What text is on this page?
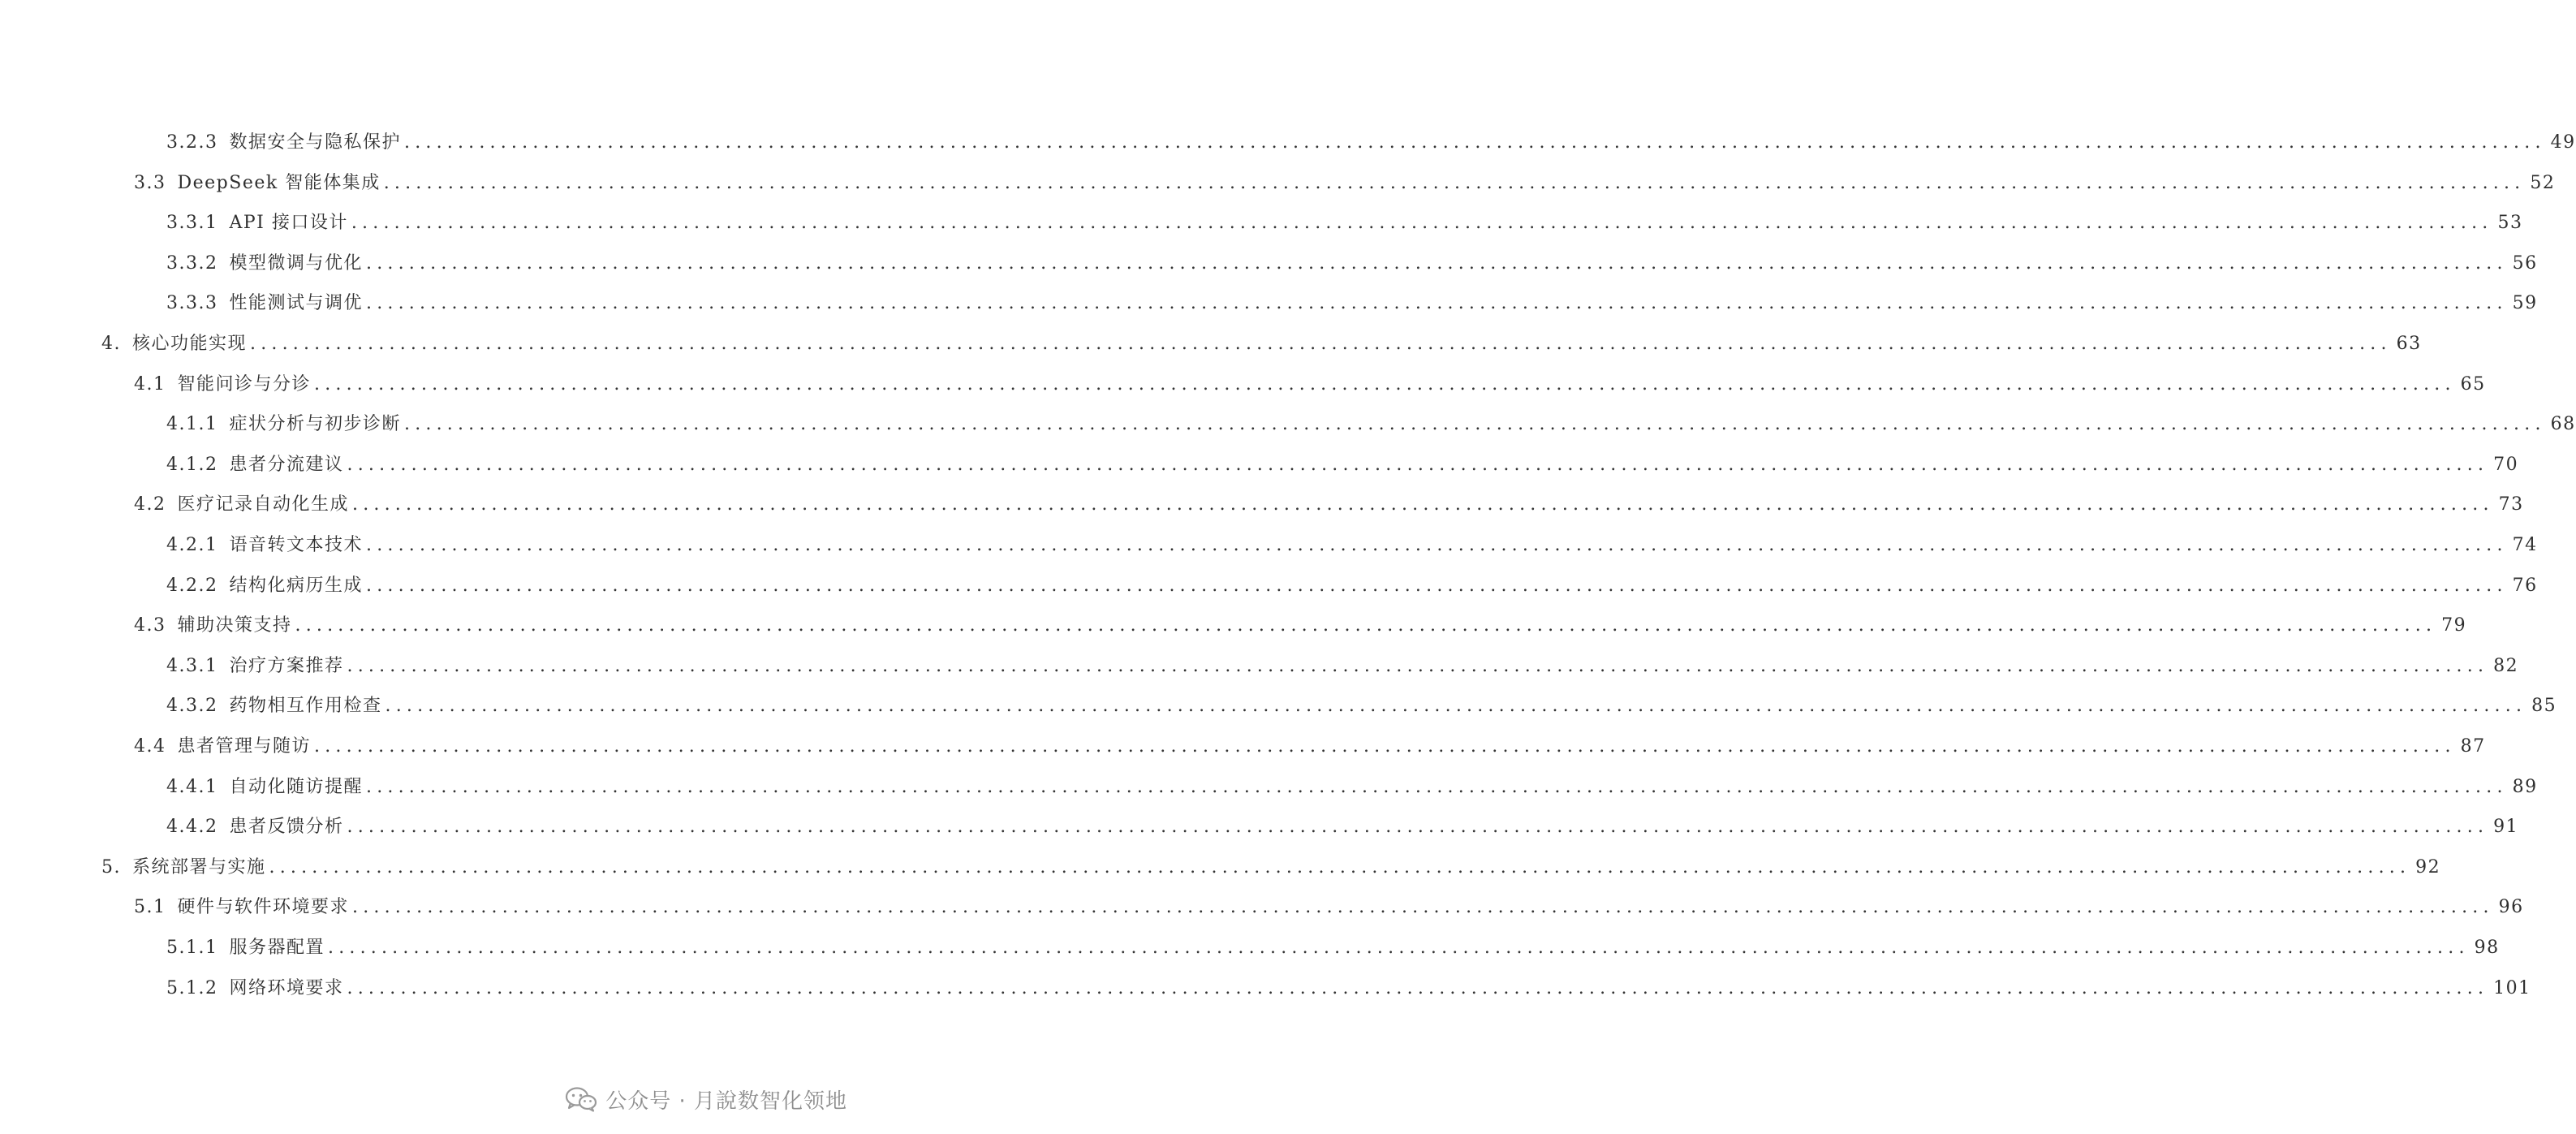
3.2.3 数据安全与隐私保护 ........................................................................................................................................................................................................ 49
3.3 DeepSeek 智能体集成 ........................................................................................................................................................................................................ 52
3.3.1 API 接口设计 ........................................................................................................................................................................................................ 53
3.3.2 模型微调与优化 ........................................................................................................................................................................................................ 56
3.3.3 性能测试与调优 ........................................................................................................................................................................................................ 59
4. 核心功能实现 ........................................................................................................................................................................................................ 63
4.1 智能问诊与分诊 ........................................................................................................................................................................................................ 65
4.1.1 症状分析与初步诊断 ........................................................................................................................................................................................................ 68
4.1.2 患者分流建议 ........................................................................................................................................................................................................ 70
4.2 医疗记录自动化生成 ........................................................................................................................................................................................................ 73
4.2.1 语音转文本技术 ........................................................................................................................................................................................................ 74
4.2.2 结构化病历生成 ........................................................................................................................................................................................................ 76
4.3 辅助决策支持 ........................................................................................................................................................................................................ 79
4.3.1 治疗方案推荐 ........................................................................................................................................................................................................ 82
4.3.2 药物相互作用检查 ........................................................................................................................................................................................................ 85
4.4 患者管理与随访 ........................................................................................................................................................................................................ 87
4.4.1 自动化随访提醒 ........................................................................................................................................................................................................ 89
4.4.2 患者反馈分析 ........................................................................................................................................................................................................ 91
5. 系统部署与实施 ........................................................................................................................................................................................................ 92
5.1 硬件与软件环境要求 ........................................................................................................................................................................................................ 96
5.1.1 服务器配置 ........................................................................................................................................................................................................ 98
5.1.2 网络环境要求 ........................................................................................................................................................................................................ 101
公众号 · 月說数智化领地
